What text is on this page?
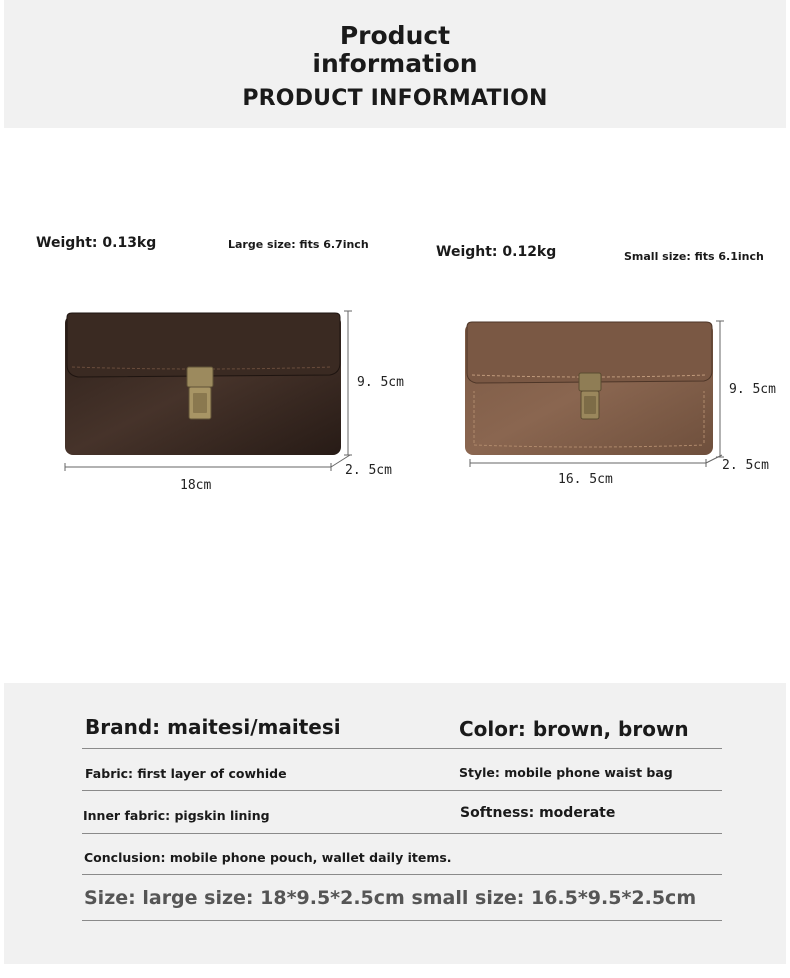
Product
information
PRODUCT INFORMATION
Weight: 0.13kg	Large size: fits 6.7inch	Weight: 0.12kg	Small size: fits 6.1inch
9. 5cm
2. 5cm
18cm
9. 5cm
2. 5cm
16. 5cm
Brand: maitesi/maitesi	Color: brown, brown
Fabric: first layer of cowhide	Style: mobile phone waist bag
Inner fabric: pigskin lining	Softness: moderate
Conclusion: mobile phone pouch, wallet daily items.
Size: large size: 18*9.5*2.5cm small size: 16.5*9.5*2.5cm
